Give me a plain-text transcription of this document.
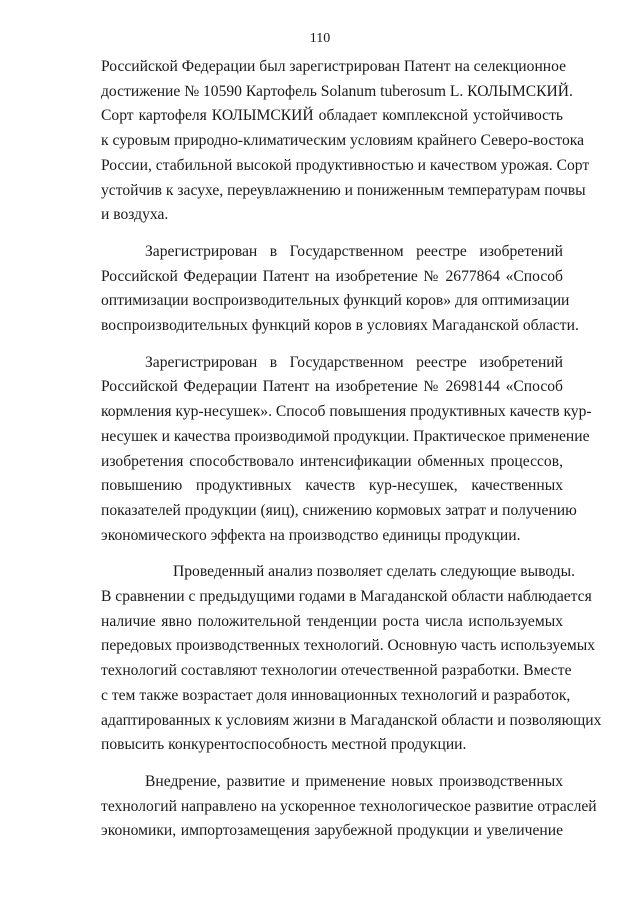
110
Российской Федерации был зарегистрирован Патент на селекционное
достижение № 10590 Картофель Solanum tuberosum L. КОЛЫМСКИЙ.
Сорт картофеля КОЛЫМСКИЙ обладает комплексной устойчивость
к суровым природно-климатическим условиям крайнего Северо-востока
России, стабильной высокой продуктивностью и качеством урожая. Сорт
устойчив к засухе, переувлажнению и пониженным температурам почвы
и воздуха.
Зарегистрирован в Государственном реестре изобретений
Российской Федерации Патент на изобретение № 2677864 «Способ
оптимизации воспроизводительных функций коров» для оптимизации
воспроизводительных функций коров в условиях Магаданской области.
Зарегистрирован в Государственном реестре изобретений
Российской Федерации Патент на изобретение № 2698144 «Способ
кормления кур-несушек». Способ повышения продуктивных качеств кур-
несушек и качества производимой продукции. Практическое применение
изобретения способствовало интенсификации обменных процессов,
повышению продуктивных качеств кур-несушек, качественных
показателей продукции (яиц), снижению кормовых затрат и получению
экономического эффекта на производство единицы продукции.
Проведенный анализ позволяет сделать следующие выводы.
В сравнении с предыдущими годами в Магаданской области наблюдается
наличие явно положительной тенденции роста числа используемых
передовых производственных технологий. Основную часть используемых
технологий составляют технологии отечественной разработки. Вместе
с тем также возрастает доля инновационных технологий и разработок,
адаптированных к условиям жизни в Магаданской области и позволяющих
повысить конкурентоспособность местной продукции.
Внедрение, развитие и применение новых производственных
технологий направлено на ускоренное технологическое развитие отраслей
экономики, импортозамещения зарубежной продукции и увеличение
